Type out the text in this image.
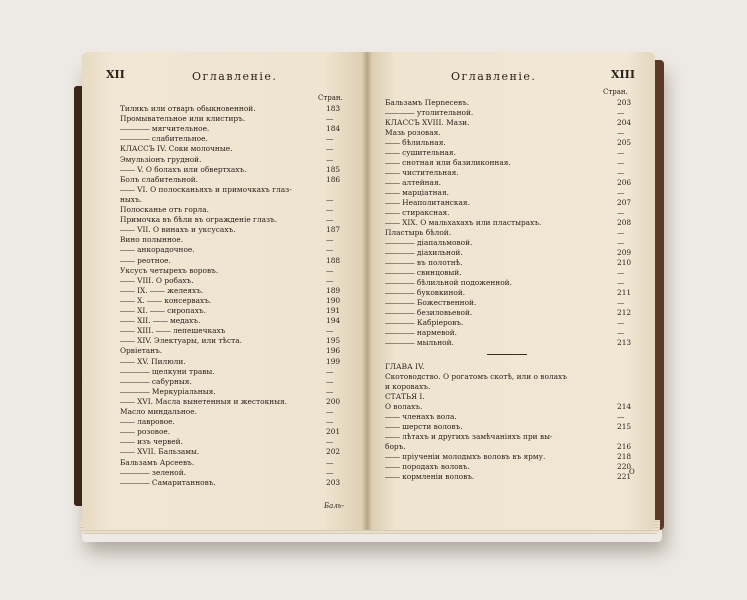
XII	Оглавленіе.
Стран.
Тилякъ или отваръ обыкновенной.	183
Промывательное или клистиръ.	—
―――― мягчительное.	184
―――― слабительное.	—
КЛАССЪ IV. Соки молочные.	—
Эмульзіонъ грудной.	—
―― V. О болахъ или обвертхахъ.	185
Болъ слабительной.	186
―― VI. О полосканьяхъ и примочкахъ глаз-
ныхъ.	—
Полосканье отъ горла.	—
Примочка въ бѣли въ огражденіе глазъ.	—
―― VII. О винахъ и уксусахъ.	187
Вино полынное.	—
―― анкорадочное.	—
―― реотное.	188
Уксусъ четырехъ воровъ.	—
―― VIII. О робахъ.	—
―― IX. ―― желеяхъ.	189
―― X. ―― консервахъ.	190
―― XI. ―― сиропахъ.	191
―― XII. ―― медахъ.	194
―― XIII. ―― лепешечкахъ	—
―― XIV. Электуары, или тѣста.	195
Орвіетанъ.	196
―― XV. Пилюли.	199
―――― щелкуни травы.	—
―――― сабурныя.	—
―――― Меркуріальныя.	—
―― XVI. Масла вынетенныя и жестокныя.	200
Масло миндальное.	—
―― лавровое.	—
―― розовое.	201
―― изъ червей.	—
―― XVII. Бальзамы.	202
Бальзамъ Арсеевъ.	—
―――― зеленой.	—
―――― Самаританновъ.	203
Баль-
Оглавленіе.	XIII
Стран.
Бальзамъ Перnесевъ.	203
―――― утолительной.	—
КЛАССЪ XVIII. Мази.	204
Мазь розовая.	—
―― бѣлильная.	205
―― сушительная.	—
―― снотная или базиликонная.	—
―― чистительная.	—
―― алтейная.	206
―― марціатная.	—
―― Неаполитанская.	207
―― стираксная.	—
―― XIX. О мальхахахъ или пластырахъ.	208
Пластырь бѣлой.	—
―――― діапальмовой.	—
―――― діахильной.	209
―――― въ полотнѣ.	210
―――― свинцовый.	—
―――― бѣлильной подоженной.	—
―――― буковкиной.	211
―――― Божественной.	—
―――― безиловьевой.	212
―――― Кабріеровъ.	—
―――― нармевой.	—
―――― мыльной.	213
ГЛАВА IV.
Скотоводство. О рогатомъ скотѣ, или о волахъ
и коровахъ.
СТАТЬЯ I.
О волахъ.	214
―― членахъ вола.	—
―― шерсти воловъ.	215
―― лѣтахъ и другихъ замѣчаніяхъ при вы-
боръ.	216
―― пріученіи молодыхъ воловъ въ ярму.	218
―― породахъ воловъ.	220
―― кормленіи воловъ.	221
O
